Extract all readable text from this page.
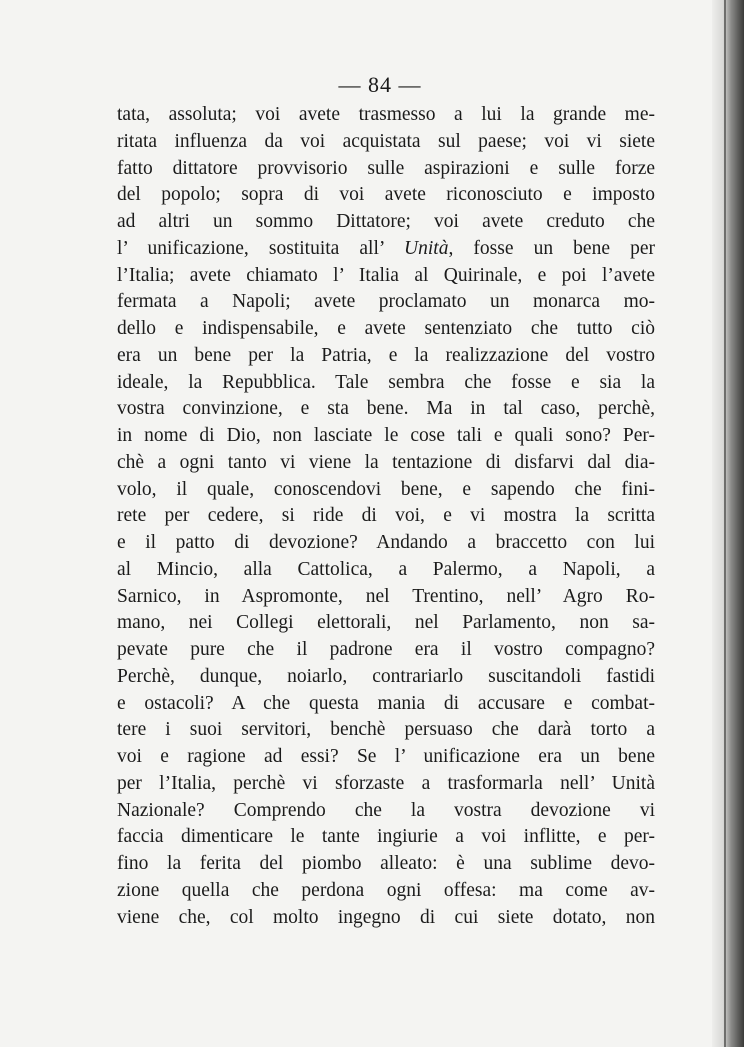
— 84 —
tata, assoluta; voi avete trasmesso a lui la grande me-
ritata influenza da voi acquistata sul paese; voi vi siete
fatto dittatore provvisorio sulle aspirazioni e sulle forze
del popolo; sopra di voi avete riconosciuto e imposto
ad altri un sommo Dittatore; voi avete creduto che
l’ unificazione, sostituita all’ Unità, fosse un bene per
l’Italia; avete chiamato l’ Italia al Quirinale, e poi l’avete
fermata a Napoli; avete proclamato un monarca mo-
dello e indispensabile, e avete sentenziato che tutto ciò
era un bene per la Patria, e la realizzazione del vostro
ideale, la Repubblica. Tale sembra che fosse e sia la
vostra convinzione, e sta bene. Ma in tal caso, perchè,
in nome di Dio, non lasciate le cose tali e quali sono? Per-
chè a ogni tanto vi viene la tentazione di disfarvi dal dia-
volo, il quale, conoscendovi bene, e sapendo che fini-
rete per cedere, si ride di voi, e vi mostra la scritta
e il patto di devozione? Andando a braccetto con lui
al Mincio, alla Cattolica, a Palermo, a Napoli, a
Sarnico, in Aspromonte, nel Trentino, nell’ Agro Ro-
mano, nei Collegi elettorali, nel Parlamento, non sa-
pevate pure che il padrone era il vostro compagno?
Perchè, dunque, noiarlo, contrariarlo suscitandoli fastidi
e ostacoli? A che questa mania di accusare e combat-
tere i suoi servitori, benchè persuaso che darà torto a
voi e ragione ad essi? Se l’ unificazione era un bene
per l’Italia, perchè vi sforzaste a trasformarla nell’ Unità
Nazionale? Comprendo che la vostra devozione vi
faccia dimenticare le tante ingiurie a voi inflitte, e per-
fino la ferita del piombo alleato: è una sublime devo-
zione quella che perdona ogni offesa: ma come av-
viene che, col molto ingegno di cui siete dotato, non
